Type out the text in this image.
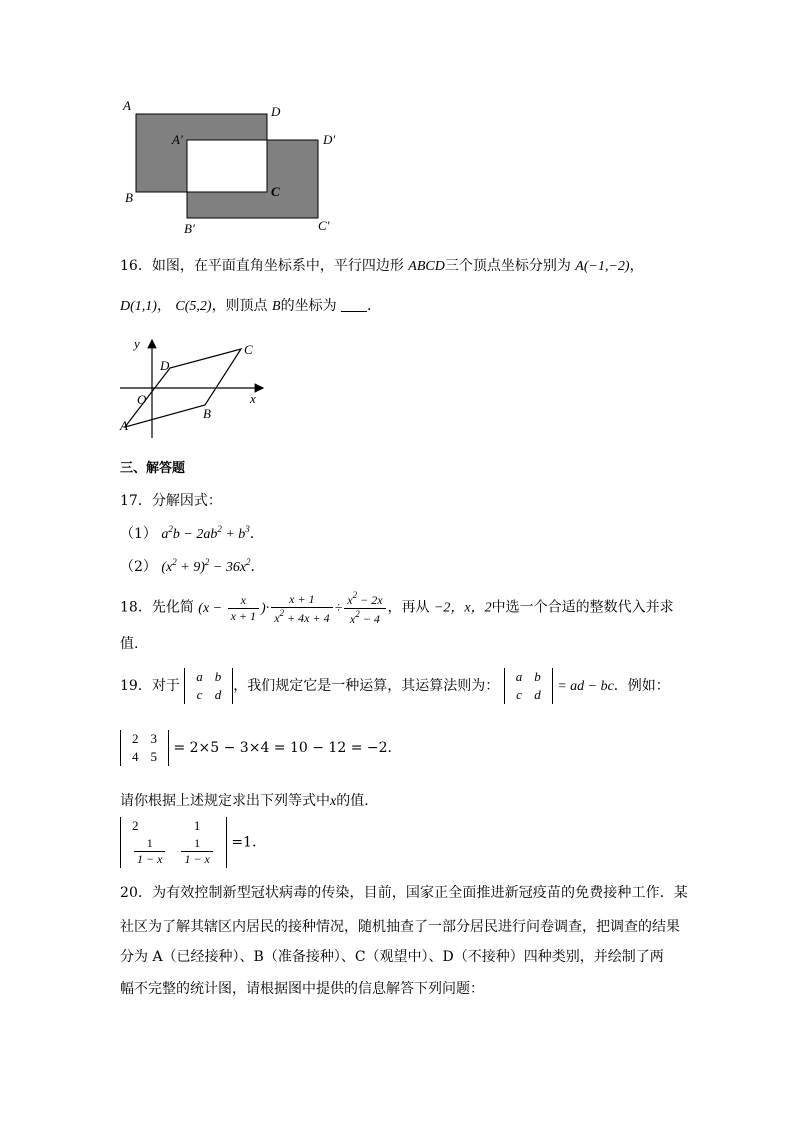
A	D
A′	D′
B	C
B′	C′
16．如图，在平面直角坐标系中，平行四边形 ABCD三个顶点坐标分别为 A(−1,−2)，
D(1,1)， C(5,2)，则顶点 B的坐标为 ．
y
x
O
A
B
C
D
三、解答题
17．分解因式：
（1） $a^2b - 2ab^2 + b^3$．
（2） $(x^2 + 9)^2 - 36x^2$．
18．先化简 ($x - \frac{x}{x + 1}$ )· $\frac{x + 1}{x^2 + 4x + 4} \div \frac{x^2 - 2x}{x^2 - 4}$ ，再从 −2，x，2中选一个合适的整数代入并求
值.
19．对于
a	b
c	d
，我们规定它是一种运算，其运算法则为：
a	b
c	d
= ad − bc．例如：
2	3
4	5
= 2×5 − 3×4 = 10 − 12 = −2．
请你根据上述规定求出下列等式中x的值.
2	1

$\frac{1}{1 - x}$	$\frac{1}{1 - x} =1$．
20．为有效控制新型冠状病毒的传染，目前，国家正全面推进新冠疫苗的免费接种工作．某
社区为了解其辖区内居民的接种情况，随机抽查了一部分居民进行问卷调查，把调查的结果
分为 A（已经接种）、B（准备接种）、C（观望中）、D（不接种）四种类别，并绘制了两
幅不完整的统计图，请根据图中提供的信息解答下列问题：
